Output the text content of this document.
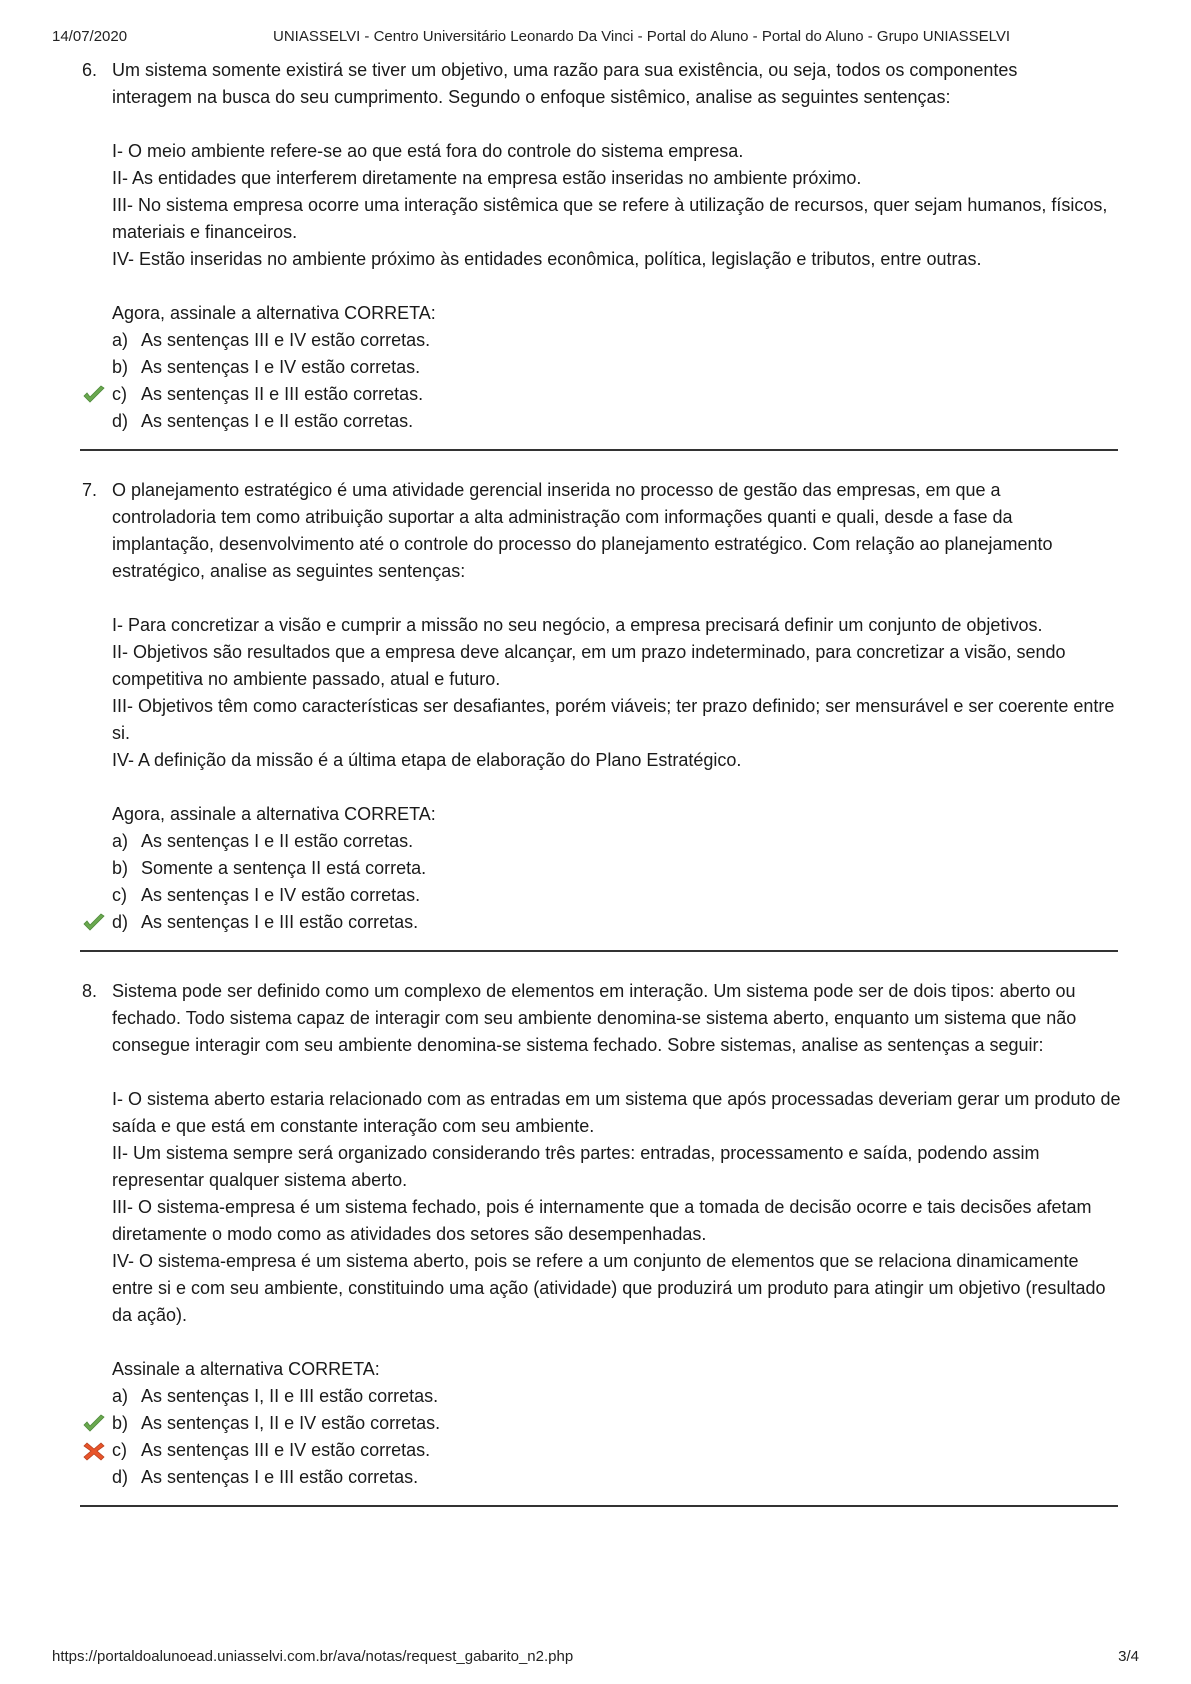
14/07/2020	UNIASSELVI - Centro Universitário Leonardo Da Vinci - Portal do Aluno - Portal do Aluno - Grupo UNIASSELVI
6. Um sistema somente existirá se tiver um objetivo, uma razão para sua existência, ou seja, todos os componentes interagem na busca do seu cumprimento. Segundo o enfoque sistêmico, analise as seguintes sentenças:
I- O meio ambiente refere-se ao que está fora do controle do sistema empresa.
II- As entidades que interferem diretamente na empresa estão inseridas no ambiente próximo.
III- No sistema empresa ocorre uma interação sistêmica que se refere à utilização de recursos, quer sejam humanos, físicos, materiais e financeiros.
IV- Estão inseridas no ambiente próximo às entidades econômica, política, legislação e tributos, entre outras.
Agora, assinale a alternativa CORRETA:
a) As sentenças III e IV estão corretas.
b) As sentenças I e IV estão corretas.
c) As sentenças II e III estão corretas.
d) As sentenças I e II estão corretas.
7. O planejamento estratégico é uma atividade gerencial inserida no processo de gestão das empresas, em que a controladoria tem como atribuição suportar a alta administração com informações quanti e quali, desde a fase da implantação, desenvolvimento até o controle do processo do planejamento estratégico. Com relação ao planejamento estratégico, analise as seguintes sentenças:
I- Para concretizar a visão e cumprir a missão no seu negócio, a empresa precisará definir um conjunto de objetivos.
II- Objetivos são resultados que a empresa deve alcançar, em um prazo indeterminado, para concretizar a visão, sendo competitiva no ambiente passado, atual e futuro.
III- Objetivos têm como características ser desafiantes, porém viáveis; ter prazo definido; ser mensurável e ser coerente entre si.
IV- A definição da missão é a última etapa de elaboração do Plano Estratégico.
Agora, assinale a alternativa CORRETA:
a) As sentenças I e II estão corretas.
b) Somente a sentença II está correta.
c) As sentenças I e IV estão corretas.
d) As sentenças I e III estão corretas.
8. Sistema pode ser definido como um complexo de elementos em interação. Um sistema pode ser de dois tipos: aberto ou fechado. Todo sistema capaz de interagir com seu ambiente denomina-se sistema aberto, enquanto um sistema que não consegue interagir com seu ambiente denomina-se sistema fechado. Sobre sistemas, analise as sentenças a seguir:
I- O sistema aberto estaria relacionado com as entradas em um sistema que após processadas deveriam gerar um produto de saída e que está em constante interação com seu ambiente.
II- Um sistema sempre será organizado considerando três partes: entradas, processamento e saída, podendo assim representar qualquer sistema aberto.
III- O sistema-empresa é um sistema fechado, pois é internamente que a tomada de decisão ocorre e tais decisões afetam diretamente o modo como as atividades dos setores são desempenhadas.
IV- O sistema-empresa é um sistema aberto, pois se refere a um conjunto de elementos que se relaciona dinamicamente entre si e com seu ambiente, constituindo uma ação (atividade) que produzirá um produto para atingir um objetivo (resultado da ação).
Assinale a alternativa CORRETA:
a) As sentenças I, II e III estão corretas.
b) As sentenças I, II e IV estão corretas.
c) As sentenças III e IV estão corretas.
d) As sentenças I e III estão corretas.
https://portaldoalunoead.uniasselvi.com.br/ava/notas/request_gabarito_n2.php	3/4
